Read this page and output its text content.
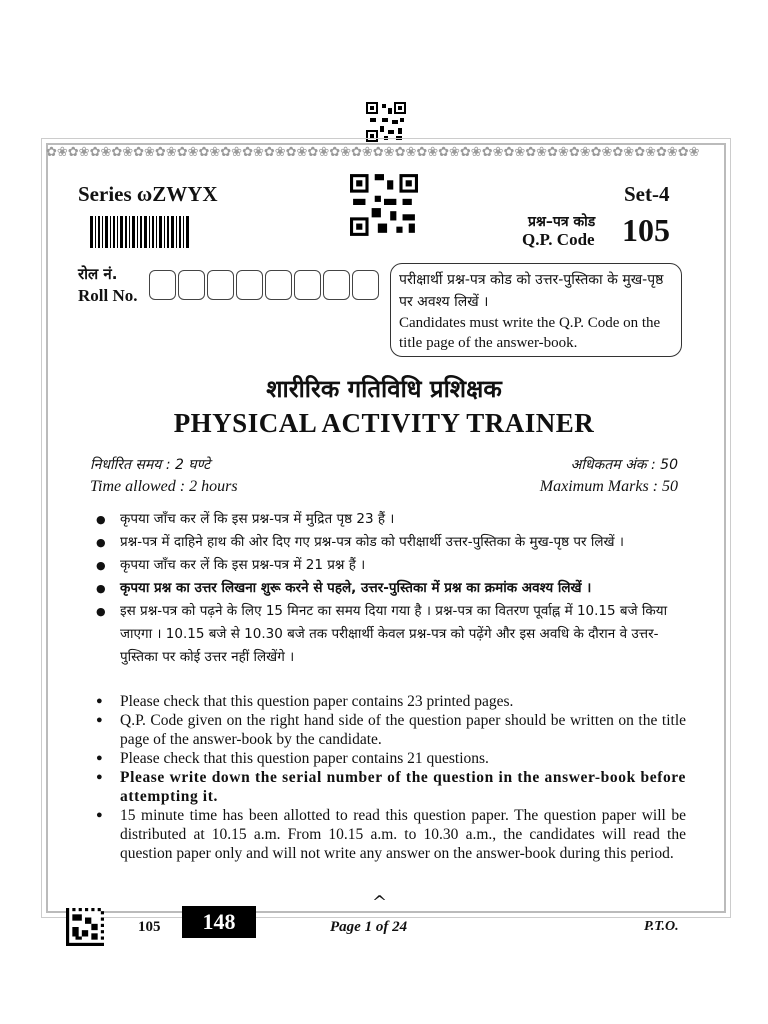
✿❀✿❀✿❀✿❀✿❀✿❀✿❀✿❀✿❀✿❀✿❀✿❀✿❀✿❀✿❀✿❀✿❀✿❀✿❀✿❀✿❀✿❀✿❀✿❀✿❀✿❀✿❀✿❀✿❀✿❀
Series ωZWYX	Set-4
प्रश्न–पत्र कोड
Q.P. Code 105
रोल नं.
Roll No.
परीक्षार्थी प्रश्न-पत्र कोड को उत्तर-पुस्तिका के मुख-पृष्ठ पर अवश्य लिखें ।
Candidates must write the Q.P. Code on the title page of the answer-book.
शारीरिक गतिविधि प्रशिक्षक
PHYSICAL ACTIVITY TRAINER
निर्धारित समय : 2 घण्टे	अधिकतम अंक : 50
Time allowed : 2 hours	Maximum Marks : 50
● कृपया जाँच कर लें कि इस प्रश्न-पत्र में मुद्रित पृष्ठ 23 हैं ।
● प्रश्न-पत्र में दाहिने हाथ की ओर दिए गए प्रश्न-पत्र कोड को परीक्षार्थी उत्तर-पुस्तिका के मुख-पृष्ठ पर लिखें ।
● कृपया जाँच कर लें कि इस प्रश्न-पत्र में 21 प्रश्न हैं ।
● कृपया प्रश्न का उत्तर लिखना शुरू करने से पहले, उत्तर-पुस्तिका में प्रश्न का क्रमांक अवश्य लिखें ।
● इस प्रश्न-पत्र को पढ़ने के लिए 15 मिनट का समय दिया गया है । प्रश्न-पत्र का वितरण पूर्वाह्न में 10.15 बजे किया जाएगा । 10.15 बजे से 10.30 बजे तक परीक्षार्थी केवल प्रश्न-पत्र को पढ़ेंगे और इस अवधि के दौरान वे उत्तर-पुस्तिका पर कोई उत्तर नहीं लिखेंगे ।
● Please check that this question paper contains 23 printed pages.
● Q.P. Code given on the right hand side of the question paper should be written on the title page of the answer-book by the candidate.
● Please check that this question paper contains 21 questions.
● Please write down the serial number of the question in the answer-book before attempting it.
● 15 minute time has been allotted to read this question paper. The question paper will be distributed at 10.15 a.m. From 10.15 a.m. to 10.30 a.m., the candidates will read the question paper only and will not write any answer on the answer-book during this period.
^
105	148	Page 1 of 24	P.T.O.
